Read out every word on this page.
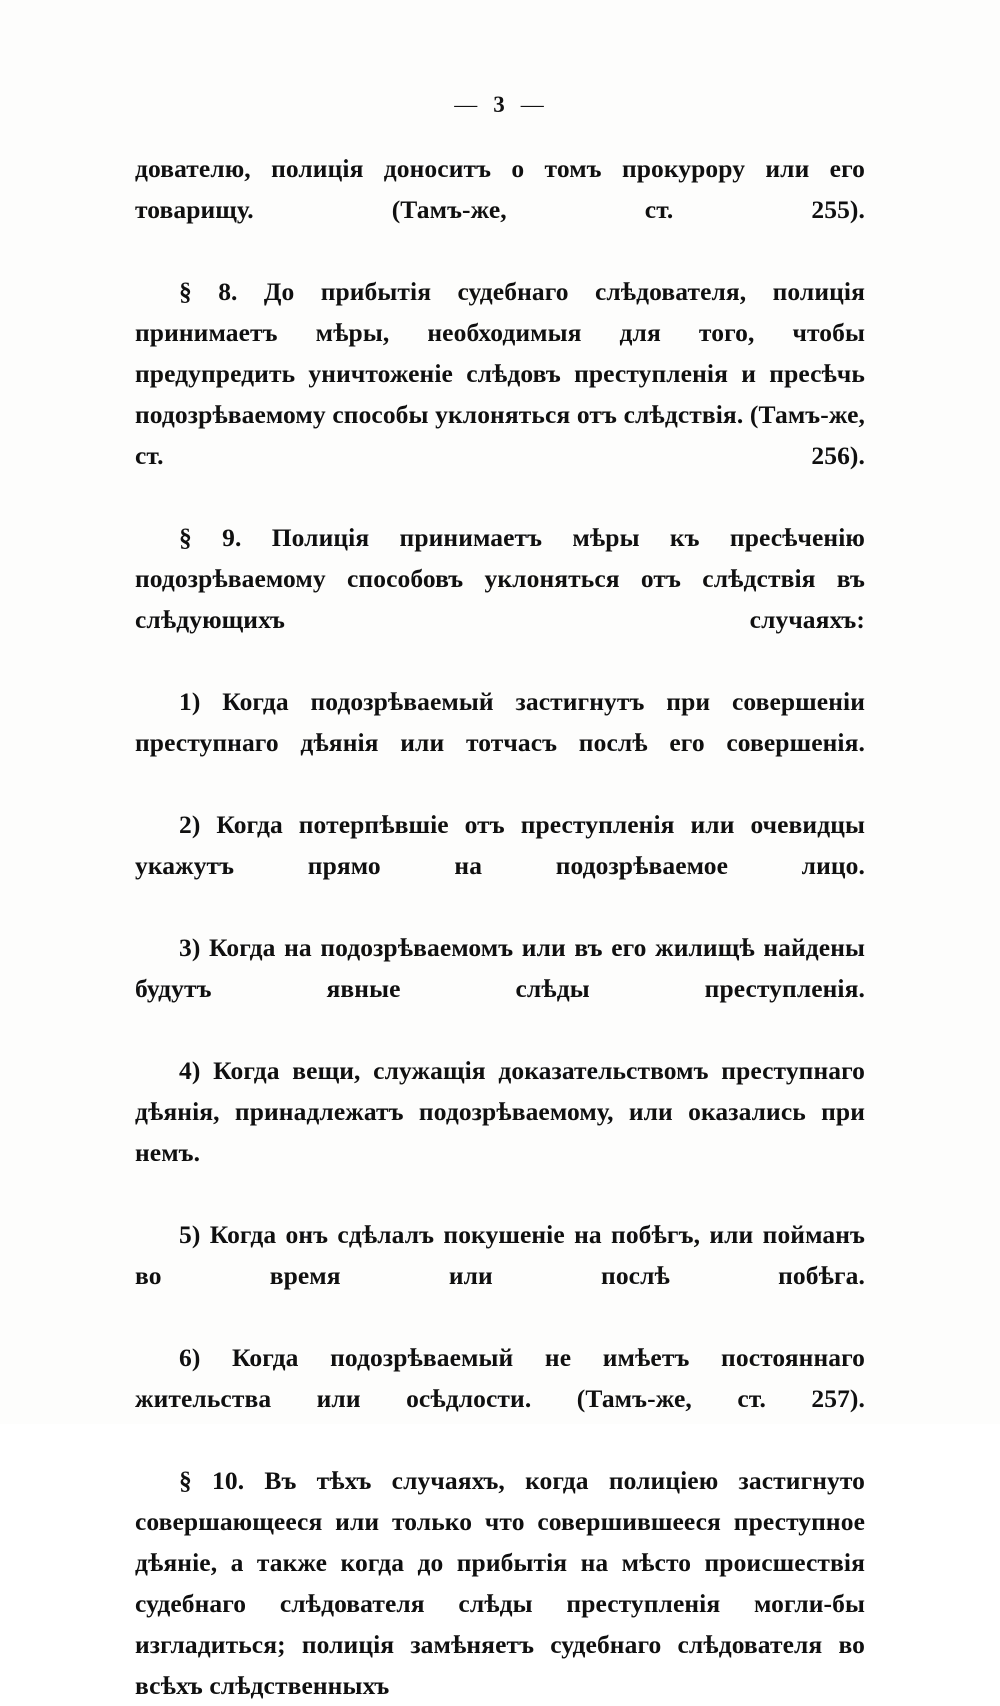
— 3 —

дователю, полиція доноситъ о томъ прокурору или его товарищу. (Тамъ-же, ст. 255).

§ 8. До прибытія судебнаго слѣдователя, полиція принимаетъ мѣры, необходимыя для того, чтобы предупредить уничтоженіе слѣдовъ преступленія и пресѣчь подозрѣваемому способы уклоняться отъ слѣдствія. (Тамъ-же, ст. 256).

§ 9. Полиція принимаетъ мѣры къ пресѣченію подозрѣваемому способовъ уклоняться отъ слѣдствія въ слѣдующихъ случаяхъ:

1) Когда подозрѣваемый застигнутъ при совершеніи преступнаго дѣянія или тотчасъ послѣ его совершенія.

2) Когда потерпѣвшіе отъ преступленія или очевидцы укажутъ прямо на подозрѣваемое лицо.

3) Когда на подозрѣваемомъ или въ его жилищѣ найдены будутъ явные слѣды преступленія.

4) Когда вещи, служащія доказательствомъ преступнаго дѣянія, принадлежатъ подозрѣваемому, или оказались при немъ.

5) Когда онъ сдѣлалъ покушеніе на побѣгъ, или пойманъ во время или послѣ побѣга.

6) Когда подозрѣваемый не имѣетъ постояннаго жительства или осѣдлости. (Тамъ-же, ст. 257).

§ 10. Въ тѣхъ случаяхъ, когда полиціею застигнуто совершающееся или только что совершившееся преступное дѣяніе, а также когда до прибытія на мѣсто происшествія судебнаго слѣдователя слѣды преступленія могли-бы изгладиться; полиція замѣняетъ судебнаго слѣдователя во всѣхъ слѣдственныхъ
